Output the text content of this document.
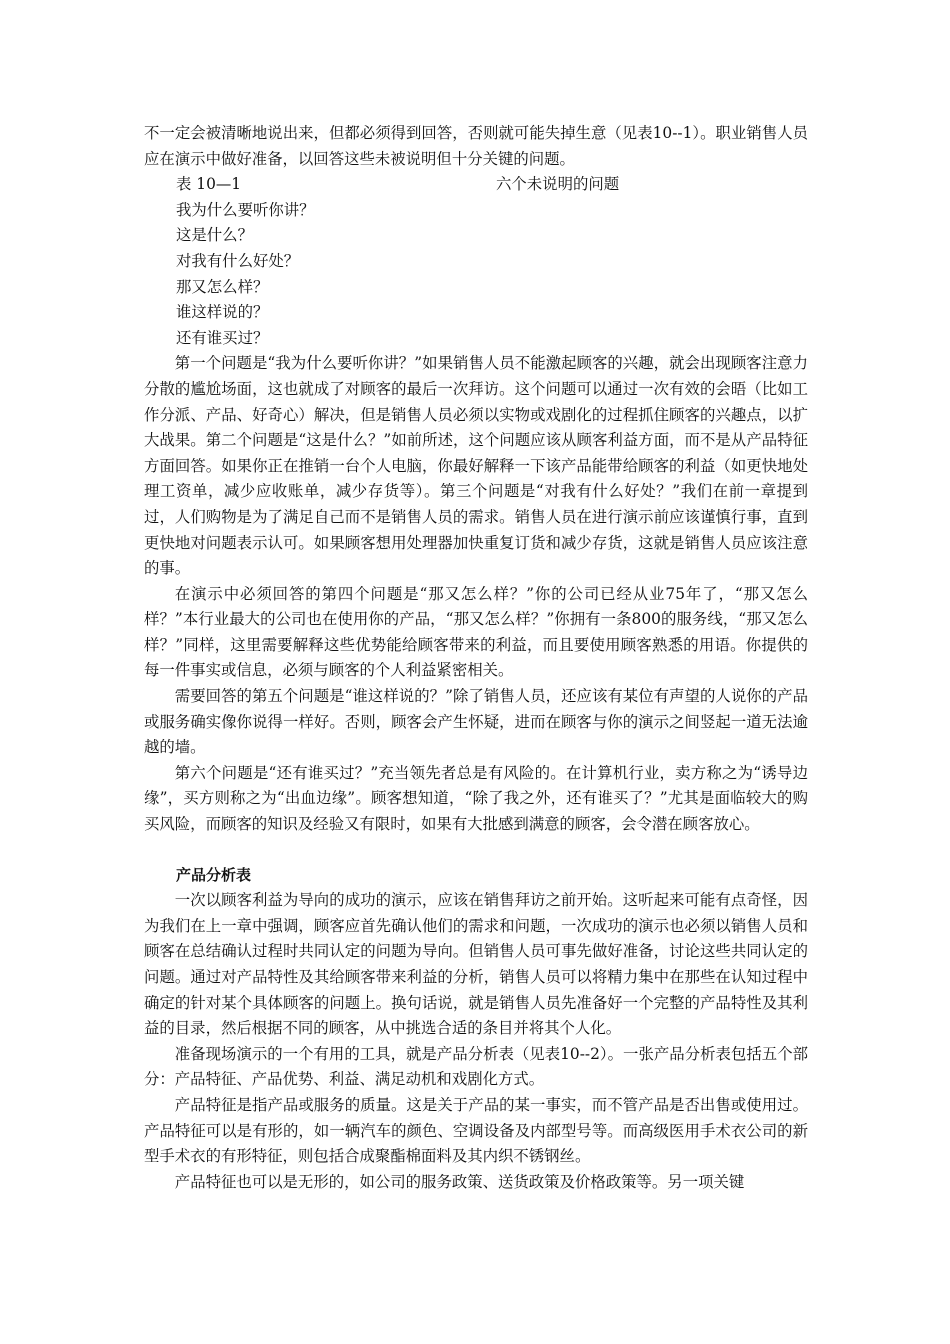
不一定会被清晰地说出来，但都必须得到回答，否则就可能失掉生意（见表10--1）。职业销售人员应在演示中做好准备，以回答这些未被说明但十分关键的问题。

表 10—1	六个未说明的问题
我为什么要听你讲？
这是什么？
对我有什么好处？
那又怎么样？
谁这样说的？
还有谁买过？

第一个问题是“我为什么要听你讲？”如果销售人员不能激起顾客的兴趣，就会出现顾客注意力分散的尴尬场面，这也就成了对顾客的最后一次拜访。这个问题可以通过一次有效的会晤（比如工作分派、产品、好奇心）解决，但是销售人员必须以实物或戏剧化的过程抓住顾客的兴趣点，以扩大战果。第二个问题是“这是什么？”如前所述，这个问题应该从顾客利益方面，而不是从产品特征方面回答。如果你正在推销一台个人电脑，你最好解释一下该产品能带给顾客的利益（如更快地处理工资单，减少应收账单，减少存货等）。第三个问题是“对我有什么好处？”我们在前一章提到过，人们购物是为了满足自己而不是销售人员的需求。销售人员在进行演示前应该谨慎行事，直到更快地对问题表示认可。如果顾客想用处理器加快重复订货和减少存货，这就是销售人员应该注意的事。

在演示中必须回答的第四个问题是“那又怎么样？”你的公司已经从业75年了，“那又怎么样？”本行业最大的公司也在使用你的产品，“那又怎么样？”你拥有一条800的服务线，“那又怎么样？”同样，这里需要解释这些优势能给顾客带来的利益，而且要使用顾客熟悉的用语。你提供的每一件事实或信息，必须与顾客的个人利益紧密相关。

需要回答的第五个问题是“谁这样说的？”除了销售人员，还应该有某位有声望的人说你的产品或服务确实像你说得一样好。否则，顾客会产生怀疑，进而在顾客与你的演示之间竖起一道无法逾越的墙。

第六个问题是“还有谁买过？”充当领先者总是有风险的。在计算机行业，卖方称之为“诱导边缘”，买方则称之为“出血边缘”。顾客想知道，“除了我之外，还有谁买了？”尤其是面临较大的购买风险，而顾客的知识及经验又有限时，如果有大批感到满意的顾客，会令潜在顾客放心。

产品分析表

一次以顾客利益为导向的成功的演示，应该在销售拜访之前开始。这听起来可能有点奇怪，因为我们在上一章中强调，顾客应首先确认他们的需求和问题，一次成功的演示也必须以销售人员和顾客在总结确认过程时共同认定的问题为导向。但销售人员可事先做好准备，讨论这些共同认定的问题。通过对产品特性及其给顾客带来利益的分析，销售人员可以将精力集中在那些在认知过程中确定的针对某个具体顾客的问题上。换句话说，就是销售人员先准备好一个完整的产品特性及其利益的目录，然后根据不同的顾客，从中挑选合适的条目并将其个人化。

准备现场演示的一个有用的工具，就是产品分析表（见表10--2）。一张产品分析表包括五个部分：产品特征、产品优势、利益、满足动机和戏剧化方式。

产品特征是指产品或服务的质量。这是关于产品的某一事实，而不管产品是否出售或使用过。产品特征可以是有形的，如一辆汽车的颜色、空调设备及内部型号等。而高级医用手术衣公司的新型手术衣的有形特征，则包括合成聚酯棉面料及其内织不锈钢丝。

产品特征也可以是无形的，如公司的服务政策、送货政策及价格政策等。另一项关键
